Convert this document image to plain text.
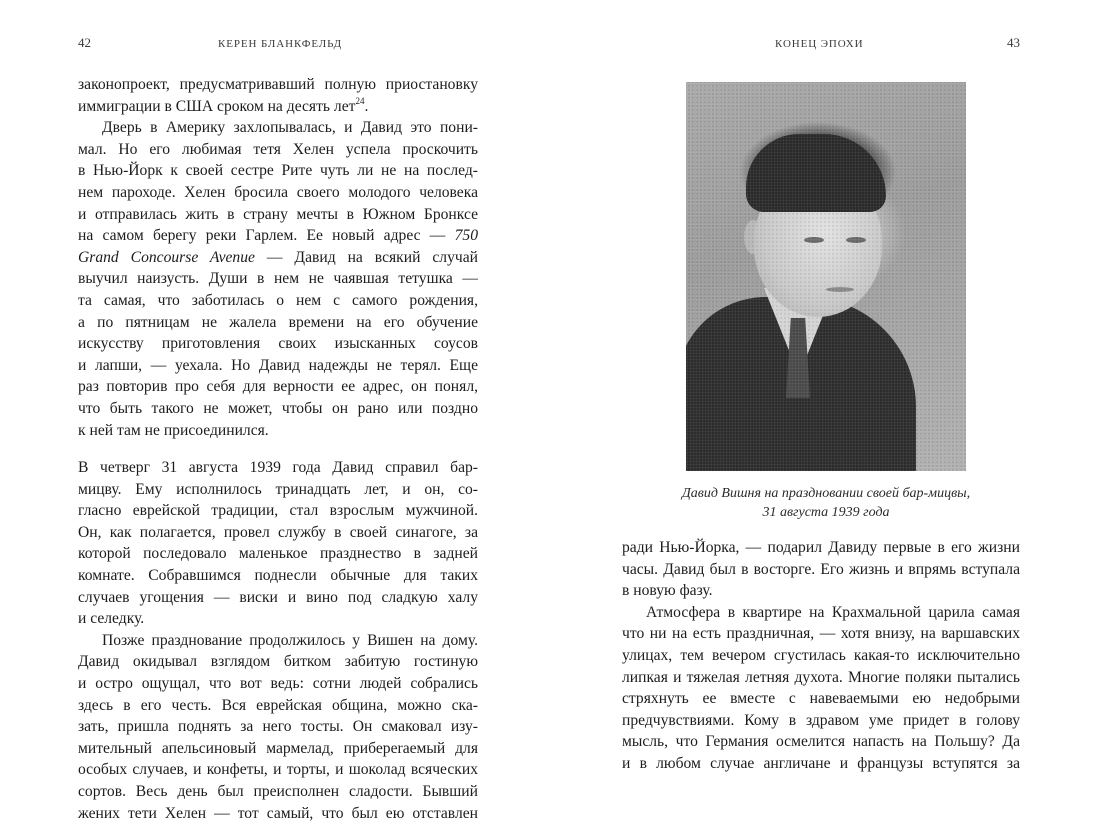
42	КЕРЕН БЛАНКФЕЛЬД
законопроект, предусматривавший полную приостановку
иммиграции в США сроком на десять лет$^{24}$.
Дверь в Америку захлопывалась, и Давид это пони-
мал. Но его любимая тетя Хелен успела проскочить
в Нью-Йорк к своей сестре Рите чуть ли не на послед-
нем пароходе. Хелен бросила своего молодого человека
и отправилась жить в страну мечты в Южном Бронксе
на самом берегу реки Гарлем. Ее новый адрес — 750
Grand Concourse Avenue — Давид на всякий случай
выучил наизусть. Души в нем не чаявшая тетушка —
та самая, что заботилась о нем с самого рождения,
а по пятницам не жалела времени на его обучение
искусству приготовления своих изысканных соусов
и лапши, — уехала. Но Давид надежды не терял. Еще
раз повторив про себя для верности ее адрес, он понял,
что быть такого не может, чтобы он рано или поздно
к ней там не присоединился.
В четверг 31 августа 1939 года Давид справил бар-
мицву. Ему исполнилось тринадцать лет, и он, со-
гласно еврейской традиции, стал взрослым мужчиной.
Он, как полагается, провел службу в своей синагоге, за
которой последовало маленькое празднество в задней
комнате. Собравшимся поднесли обычные для таких
случаев угощения — виски и вино под сладкую халу
и селедку.
Позже празднование продолжилось у Вишен на дому.
Давид окидывал взглядом битком забитую гостиную
и остро ощущал, что вот ведь: сотни людей собрались
здесь в его честь. Вся еврейская община, можно ска-
зать, пришла поднять за него тосты. Он смаковал изу-
мительный апельсиновый мармелад, прибереrаемый для
особых случаев, и конфеты, и торты, и шоколад всяческих
сортов. Весь день был преисполнен сладости. Бывший
жених тети Хелен — тот самый, что был ею отставлен
КОНЕЦ ЭПОХИ	43
Давид Вишня на праздновании своей бар-мицвы,
31 августа 1939 года
ради Нью-Йорка, — подарил Давиду первые в его жизни
часы. Давид был в восторге. Его жизнь и впрямь вступала
в новую фазу.
Атмосфера в квартире на Крахмальной царила самая
что ни на есть праздничная, — хотя внизу, на варшавских
улицах, тем вечером сгустилась какая-то исключительно
липкая и тяжелая летняя духота. Многие поляки пытались
стряхнуть ее вместе с навеваемыми ею недобрыми
предчувствиями. Кому в здравом уме придет в голову
мысль, что Германия осмелится напасть на Польшу? Да
и в любом случае англичане и французы вступятся за
